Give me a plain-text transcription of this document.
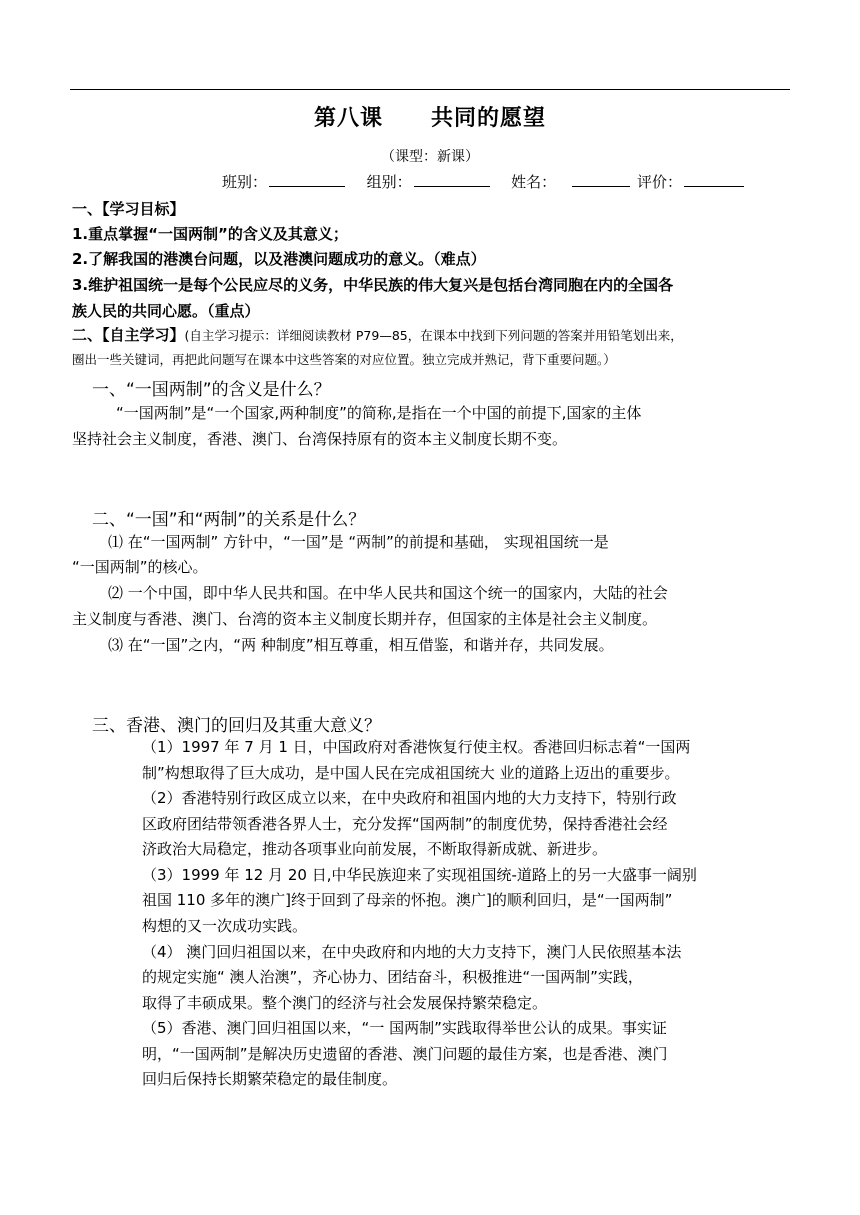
第八课 共同的愿望
（课型：新课）
班别：	组别：	姓名：	评价：
一、【学习目标】
1.重点掌握“一国两制”的含义及其意义；
2.了解我国的港澳台问题，以及港澳问题成功的意义。（难点）
3.维护祖国统一是每个公民应尽的义务，中华民族的伟大复兴是包括台湾同胞在内的全国各
族人民的共同心愿。（重点）
二、【自主学习】(自主学习提示：详细阅读教材 P79—85，在课本中找到下列问题的答案并用铅笔划出来，
圈出一些关键词，再把此问题写在课本中这些答案的对应位置。独立完成并熟记，背下重要问题。）
一、“一国两制”的含义是什么？
“一国两制”是“一个国家,两种制度”的简称,是指在一个中国的前提下,国家的主体
坚持社会主义制度，香港、澳门、台湾保持原有的资本主义制度长期不变。
二、“一国”和“两制”的关系是什么？
⑴ 在“一国两制” 方针中，“一国”是 “两制”的前提和基础， 实现祖国统一是
“一国两制”的核心。
⑵ 一个中国，即中华人民共和国。在中华人民共和国这个统一的国家内，大陆的社会
主义制度与香港、澳门、台湾的资本主义制度长期并存，但国家的主体是社会主义制度。
⑶ 在“一国”之内，“两 种制度”相互尊重，相互借鉴，和谐并存，共同发展。
三、香港、澳门的回归及其重大意义？
（1）1997 年 7 月 1 日，中国政府对香港恢复行使主权。香港回归标志着“一国两
制”构想取得了巨大成功，是中国人民在完成祖国统大 业的道路上迈出的重要步。
（2）香港特别行政区成立以来，在中央政府和祖国内地的大力支持下，特别行政
区政府团结带领香港各界人士，充分发挥“国两制”的制度优势，保持香港社会经
济政治大局稳定，推动各项事业向前发展，不断取得新成就、新进步。
（3）1999 年 12 月 20 日,中华民族迎来了实现祖国统-道路上的另一大盛事一阔别
祖国 110 多年的澳广]终于回到了母亲的怀抱。澳广]的顺利回归，是“一国两制”
构想的又一次成功实践。
（4） 澳门回归祖国以来，在中央政府和内地的大力支持下，澳门人民依照基本法
的规定实施“ 澳人治澳”，齐心协力、团结奋斗，积极推进“一国两制”实践，
取得了丰硕成果。整个澳门的经济与社会发展保持繁荣稳定。
（5）香港、澳门回归祖国以来，“一 国两制”实践取得举世公认的成果。事实证
明，“一国两制”是解决历史遗留的香港、澳门问题的最佳方案，也是香港、澳门
回归后保持长期繁荣稳定的最佳制度。
